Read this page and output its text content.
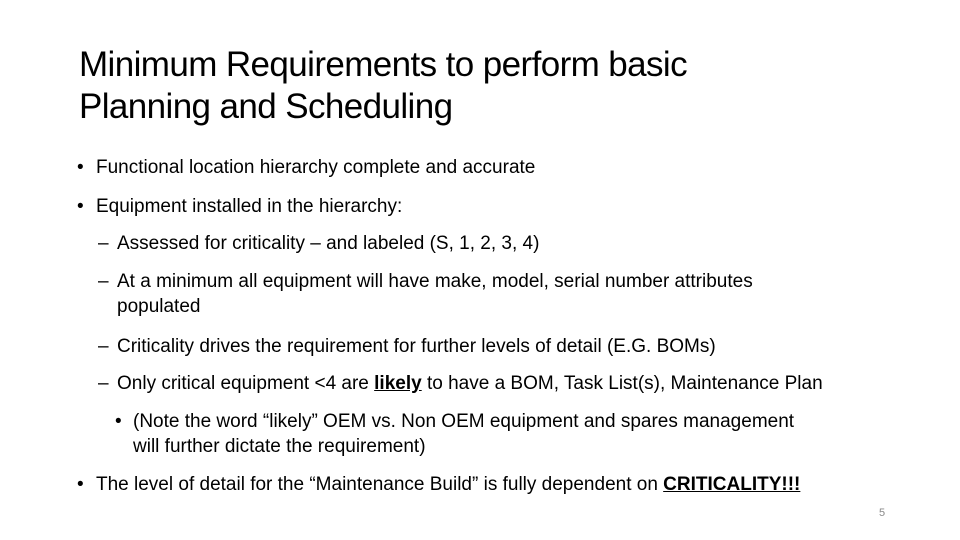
Minimum Requirements to perform basic
Planning and Scheduling
• Functional location hierarchy complete and accurate
• Equipment installed in the hierarchy:
– Assessed for criticality – and labeled (S, 1, 2, 3, 4)
– At a minimum all equipment will have make, model, serial number attributes
populated
– Criticality drives the requirement for further levels of detail (E.G. BOMs)
– Only critical equipment <4 are likely to have a BOM, Task List(s), Maintenance Plan
• (Note the word “likely” OEM vs. Non OEM equipment and spares management
will further dictate the requirement)
• The level of detail for the “Maintenance Build” is fully dependent on CRITICALITY!!!
5
